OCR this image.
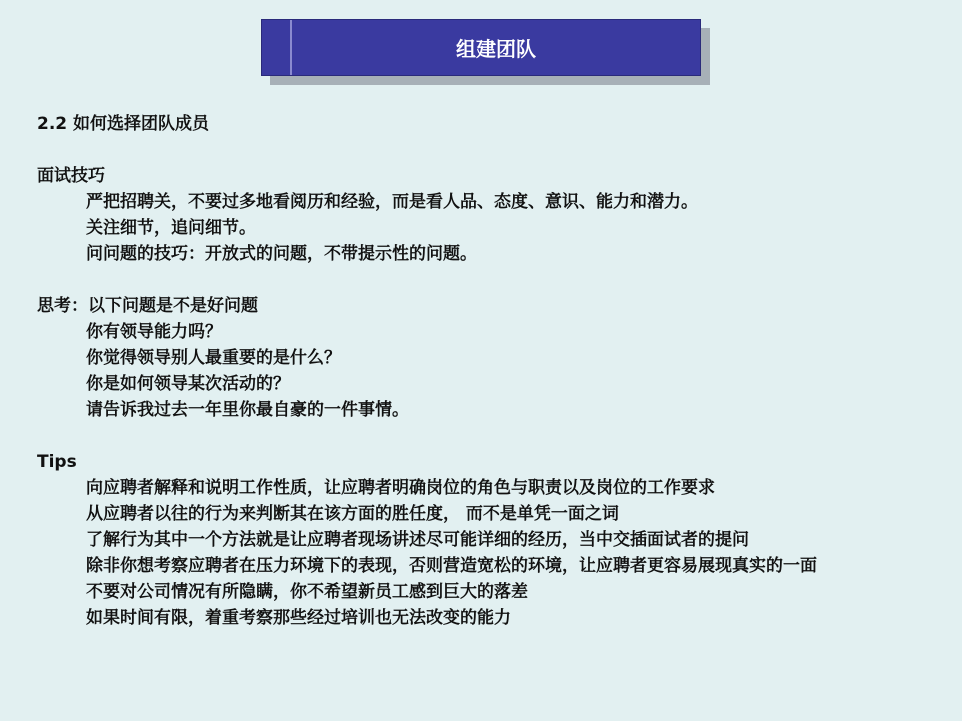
组建团队
2.2 如何选择团队成员
面试技巧
严把招聘关，不要过多地看阅历和经验，而是看人品、态度、意识、能力和潜力。
关注细节，追问细节。
问问题的技巧：开放式的问题，不带提示性的问题。
思考：以下问题是不是好问题
你有领导能力吗？
你觉得领导别人最重要的是什么？
你是如何领导某次活动的？
请告诉我过去一年里你最自豪的一件事情。
Tips
向应聘者解释和说明工作性质，让应聘者明确岗位的角色与职责以及岗位的工作要求
从应聘者以往的行为来判断其在该方面的胜任度， 而不是单凭一面之词
了解行为其中一个方法就是让应聘者现场讲述尽可能详细的经历，当中交插面试者的提问
除非你想考察应聘者在压力环境下的表现，否则营造宽松的环境，让应聘者更容易展现真实的一面
不要对公司情况有所隐瞒，你不希望新员工感到巨大的落差
如果时间有限，着重考察那些经过培训也无法改变的能力
